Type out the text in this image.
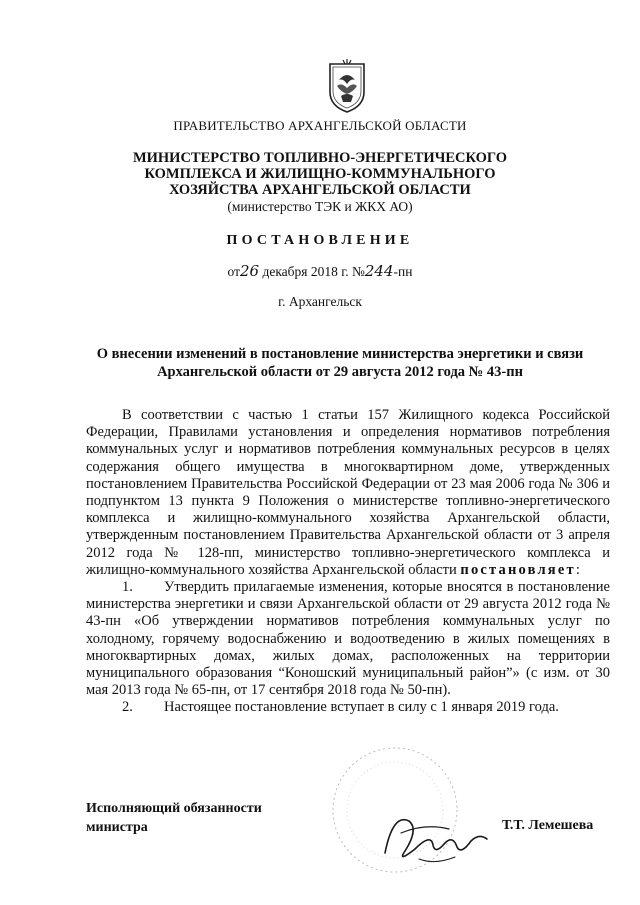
ПРАВИТЕЛЬСТВО АРХАНГЕЛЬСКОЙ ОБЛАСТИ
МИНИСТЕРСТВО ТОПЛИВНО-ЭНЕРГЕТИЧЕСКОГО
КОМПЛЕКСА И ЖИЛИЩНО-КОММУНАЛЬНОГО
ХОЗЯЙСТВА АРХАНГЕЛЬСКОЙ ОБЛАСТИ
(министерство ТЭК и ЖКХ АО)
ПОСТАНОВЛЕНИЕ
от26 декабря 2018 г. №244-пн
г. Архангельск
О внесении изменений в постановление министерства энергетики и связи
Архангельской области от 29 августа 2012 года № 43-пн

В соответствии с частью 1 статьи 157 Жилищного кодекса Российской Федерации, Правилами установления и определения нормативов потребления коммунальных услуг и нормативов потребления коммунальных ресурсов в целях содержания общего имущества в многоквартирном доме, утвержденных постановлением Правительства Российской Федерации от 23 мая 2006 года № 306 и подпунктом 13 пункта 9 Положения о министерстве топливно-энергетического комплекса и жилищно-коммунального хозяйства Архангельской области, утвержденным постановлением Правительства Архангельской области от 3 апреля 2012 года № 128-пп, министерство топливно-энергетического комплекса и жилищно-коммунального хозяйства Архангельской области постановляет:

1. Утвердить прилагаемые изменения, которые вносятся в постановление министерства энергетики и связи Архангельской области от 29 августа 2012 года № 43-пн «Об утверждении нормативов потребления коммунальных услуг по холодному, горячему водоснабжению и водоотведению в жилых помещениях в многоквартирных домах, жилых домах, расположенных на территории муниципального образования “Коношский муниципальный район”» (с изм. от 30 мая 2013 года № 65-пн, от 17 сентября 2018 года № 50-пн).

2. Настоящее постановление вступает в силу с 1 января 2019 года.

Исполняющий обязанности
министра	Т.Т. Лемешева
